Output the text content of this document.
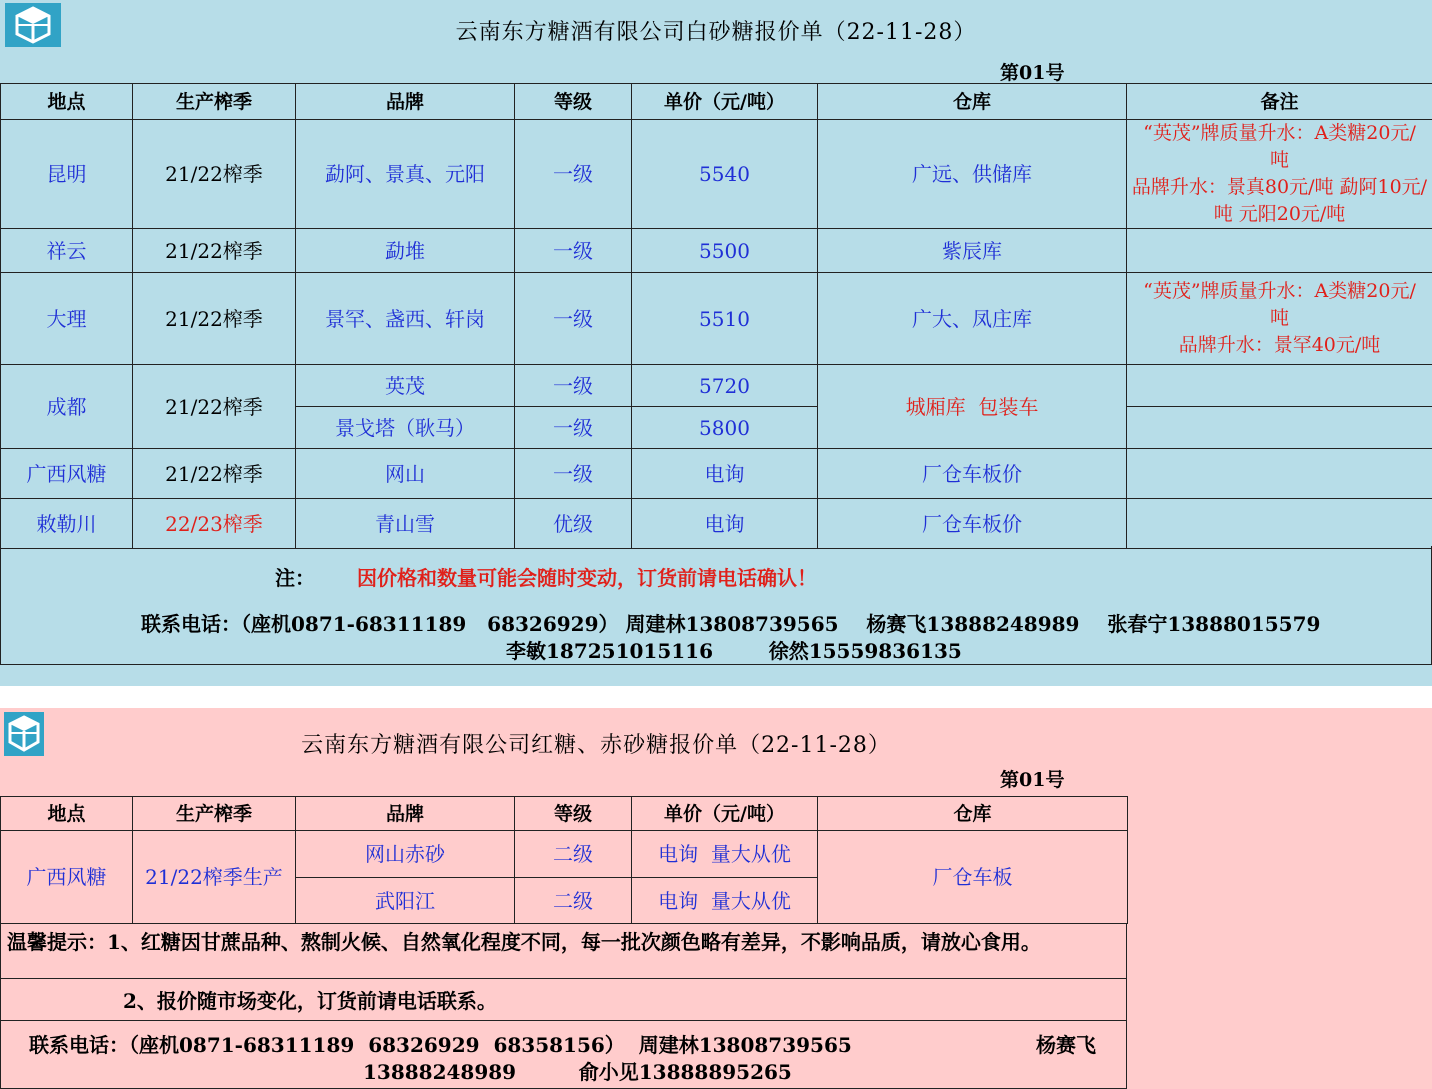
云南东方糖酒有限公司白砂糖报价单（22-11-28）
第01号
地点	生产榨季	品牌	等级	单价（元/吨）	仓库	备注
昆明	21/22榨季	勐阿、景真、元阳	一级	5540	广远、供储库	“英茂”牌质量升水：A类糖20元/吨
品牌升水：景真80元/吨 勐阿10元/吨 元阳20元/吨

祥云	21/22榨季	勐堆	一级	5500	紫辰库	
大理	21/22榨季	景罕、盏西、轩岗	一级	5510	广大、凤庄库	“英茂”牌质量升水：A类糖20元/吨
品牌升水：景罕40元/吨

成都	21/22榨季	英茂	一级	5720	城厢库  包装车	
		景戈塔（耿马）	一级	5800		
广西风糖	21/22榨季	网山	一级	电询	厂仓车板价	
敕勒川	22/23榨季	青山雪	优级	电询	厂仓车板价	
注： 因价格和数量可能会随时变动，订货前请电话确认！
联系电话：（座机0871-68311189   68326929） 周建林13808739565    杨赛飞13888248989    张春宁13888015579
李敏187251015116        徐然15559836135
云南东方糖酒有限公司红糖、赤砂糖报价单（22-11-28）
第01号
地点	生产榨季	品牌	等级	单价（元/吨）	仓库
广西风糖	21/22榨季生产	网山赤砂	二级	电询  量大从优	厂仓车板
		武阳江	二级	电询  量大从优	
温馨提示：1、红糖因甘蔗品种、熬制火候、自然氧化程度不同，每一批次颜色略有差异，不影响品质，请放心食用。
2、报价随市场变化，订货前请电话联系。
联系电话：（座机0871-68311189  68326929  68358156）  周建林13808739565	杨赛飞
13888248989         俞小见13888895265
